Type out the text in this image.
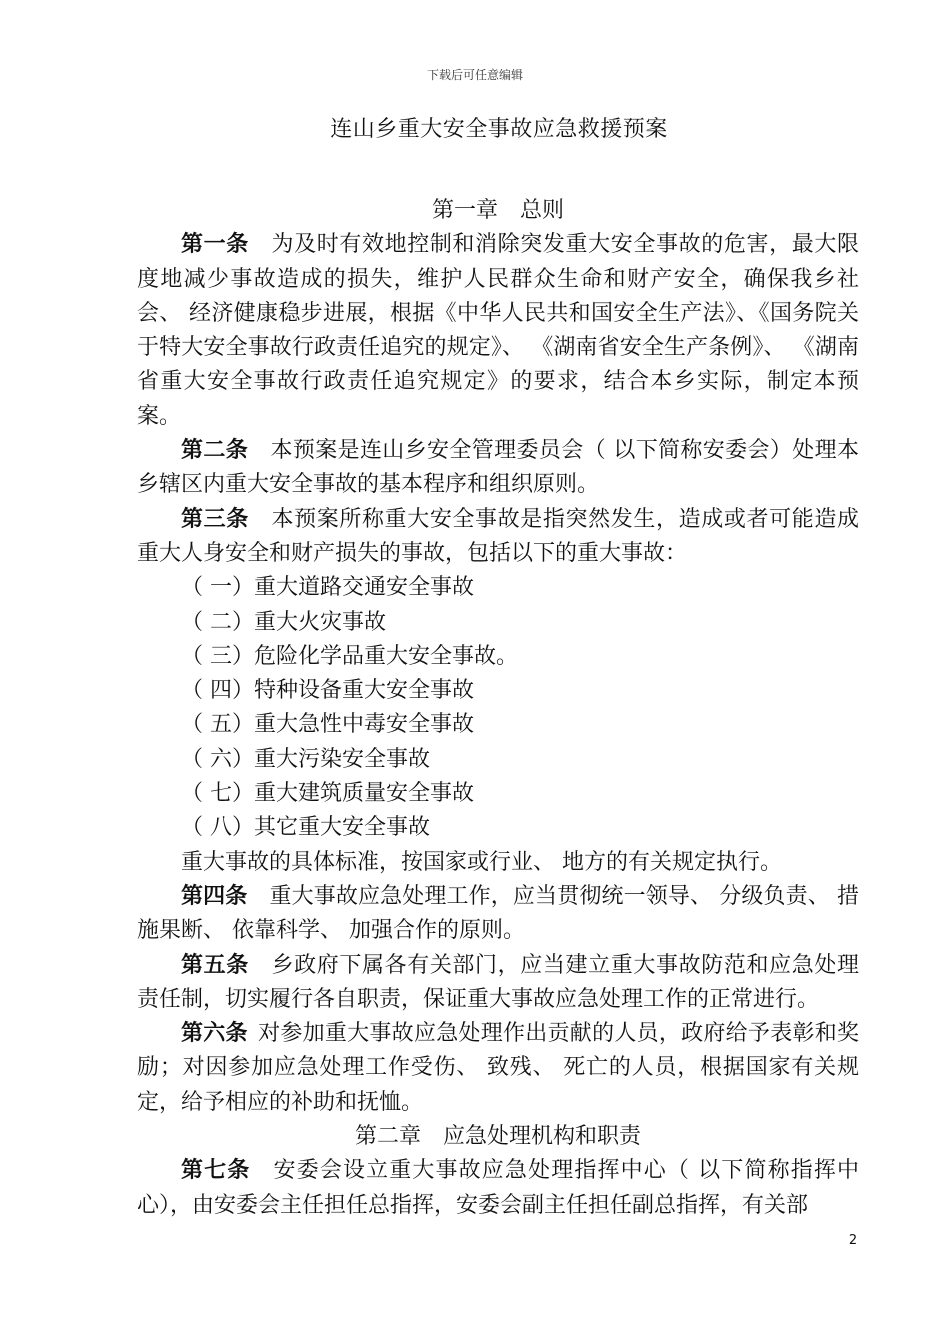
下载后可任意编辑
连山乡重大安全事故应急救援预案

第一章　总则

第一条 为及时有效地控制和消除突发重大安全事故的危害，最大限度地减少事故造成的损失，维护人民群众生命和财产安全，确保我乡社会、 经济健康稳步进展，根据《中华人民共和国安全生产法》、《国务院关于特大安全事故行政责任追究的规定》、 《湖南省安全生产条例》、 《湖南省重大安全事故行政责任追究规定》的要求，结合本乡实际，制定本预案。

第二条 本预案是连山乡安全管理委员会（ 以下简称安委会）处理本乡辖区内重大安全事故的基本程序和组织原则。

第三条 本预案所称重大安全事故是指突然发生，造成或者可能造成重大人身安全和财产损失的事故，包括以下的重大事故：

（ 一）重大道路交通安全事故

（ 二）重大火灾事故

（ 三）危险化学品重大安全事故。

（ 四）特种设备重大安全事故

（ 五）重大急性中毒安全事故

（ 六）重大污染安全事故

（ 七）重大建筑质量安全事故

（ 八）其它重大安全事故

重大事故的具体标准，按国家或行业、 地方的有关规定执行。

第四条 重大事故应急处理工作，应当贯彻统一领导、 分级负责、 措施果断、 依靠科学、 加强合作的原则。

第五条 乡政府下属各有关部门，应当建立重大事故防范和应急处理责任制，切实履行各自职责，保证重大事故应急处理工作的正常进行。

第六条 对参加重大事故应急处理作出贡献的人员，政府给予表彰和奖励；对因参加应急处理工作受伤、 致残、 死亡的人员，根据国家有关规定，给予相应的补助和抚恤。

第二章　应急处理机构和职责

第七条 安委会设立重大事故应急处理指挥中心（ 以下简称指挥中心），由安委会主任担任总指挥，安委会副主任担任副总指挥，有关部

2
